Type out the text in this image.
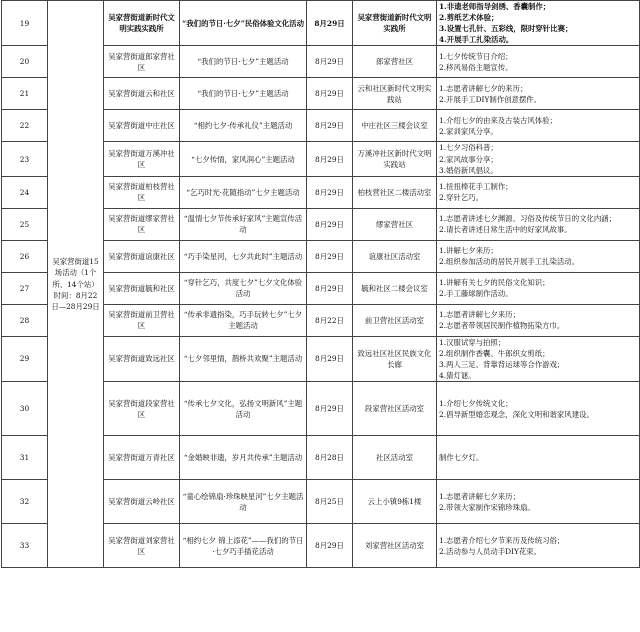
19	吴家营街道15场活动（1个所、14个站）时间：8月22日—28月29日	吴家营街道新时代文明实践实践所	“我们的节日·七夕”民俗体验文化活动	8月29日	吴家营街道新时代文明实践所	1.非遗老师指导剑绣、香囊制作；
2.剪纸艺术体验；
3.设置七孔针、五彩线，限时穿针比赛；
4.开展手工扎染活动。

20		吴家营街道郎家营社区	“我们的节日·七夕”主题活动	8月29日	郎家营社区	1.七夕传统节日介绍；
2.移风易俗主题宣传。

21		吴家营街道云和社区	“我们的节日·七夕”主题活动	8月29日	云和社区新时代文明实践站	1.志愿者讲解七夕的来历；
2.开展手工DIY制作创意摆件。

22		吴家营街道中庄社区	“相约七夕·传承礼仪”主题活动	8月29日	中庄社区三楼会议室	1.介绍七夕的由来及古装古风体验；
2.家训家风分享。

23		吴家营街道万溪冲社区	“七夕传情，家风润心”主题活动	8月29日	万溪冲社区新时代文明实践站	1.七夕习俗科普；
2.家风故事分享；
3.婚俗新风倡议。

24		吴家营街道柏枝营社区	“乞巧时光·花随指动”七夕主题活动	8月29日	柏枝营社区二楼活动室	1.扭扭棒花手工制作；
2.穿针乞巧。

25		吴家营街道缪家营社区	“温情七夕节传承好家风”主题宣传活动	8月29日	缪家营社区	1.志愿者讲述七夕渊源、习俗及传统节日的文化内涵；
2.请长者讲述日常生活中的好家风故事。

26		吴家营街道谊康社区	“巧手染星河，七夕共此时”主题活动	8月29日	谊康社区活动室	1.讲解七夕来历；
2.组织参加活动的居民开展手工扎染活动。

27		吴家营街道毓和社区	“穿针乞巧，共度七夕”七夕文化体验活动	8月29日	毓和社区二楼会议室	1.讲解有关七夕的民俗文化知识；
2.手工藤球制作活动。

28		吴家营街道前卫营社区	“传承非遗指染，巧手玩转七夕”七夕主题活动	8月22日	前卫营社区活动室	1.志愿者讲解七夕来历；
2.志愿者带领居民制作植物拓染方巾。

29		吴家营街道致远社区	“七夕邻里情，鹊桥共欢聚”主题活动	8月29日	致远社区社区民族文化长廊	1.汉服试穿与拍照；
2.组织制作香囊、牛郎织女剪纸；
3.两人三足、背靠背运球等合作游戏；
4.猜灯谜。

30		吴家营街道段家营社区	“传承七夕文化，弘扬文明新风”主题活动	8月29日	段家营社区活动室	1.介绍七夕传统文化；
2.倡导新型婚恋观念，深化文明和谐家风建设。

31		吴家营街道万青社区	“金婚映非遗，岁月共传承”主题活动	8月28日	社区活动室	制作七夕灯。

32		吴家营街道云岭社区	“童心绘锦扇·珍珠映星河”七夕主题活动	8月25日	云上小镇9栋1楼	1.志愿者讲解七夕来历；
2.带领大家制作宋锦珍珠扇。

33		吴家营街道刘家营社区	“相约七夕 锦上添花”——我们的节日·七夕巧手插花活动	8月29日	刘家营社区活动室	1.志愿者介绍七夕节来历及传统习俗；
2.活动参与人员动手DIY花束。
